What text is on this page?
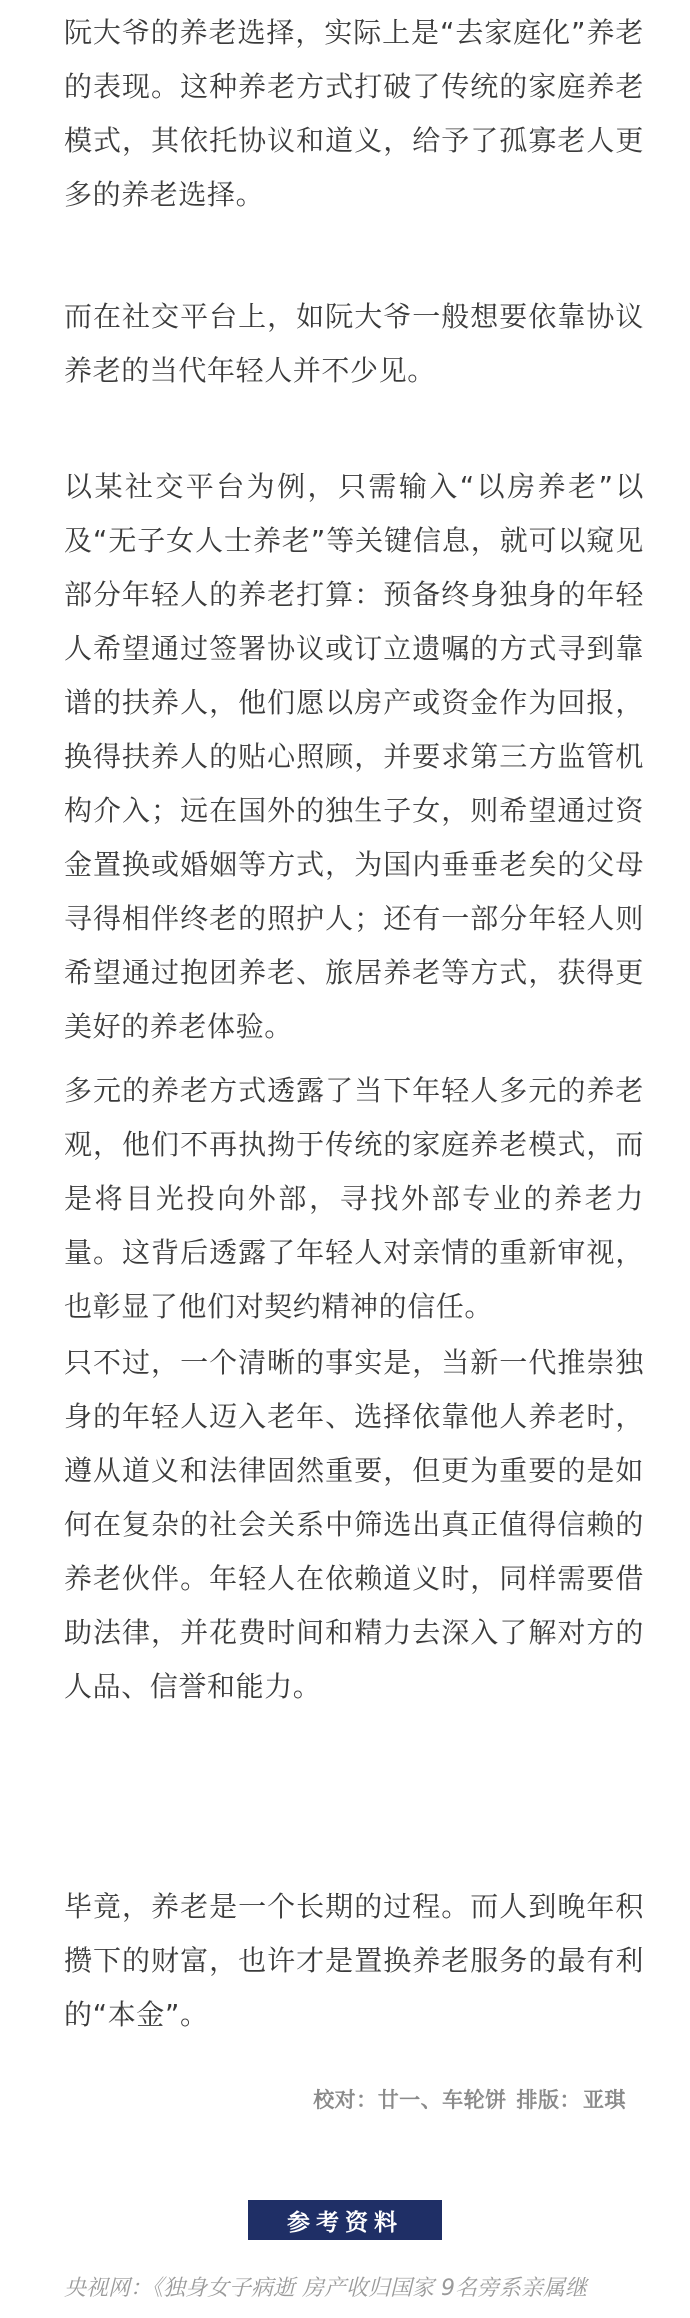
阮大爷的养老选择，实际上是“去家庭化”养老的表现。这种养老方式打破了传统的家庭养老模式，其依托协议和道义，给予了孤寡老人更多的养老选择。

而在社交平台上，如阮大爷一般想要依靠协议养老的当代年轻人并不少见。

以某社交平台为例，只需输入“以房养老”以及“无子女人士养老”等关键信息，就可以窥见部分年轻人的养老打算：预备终身独身的年轻人希望通过签署协议或订立遗嘱的方式寻到靠谱的扶养人，他们愿以房产或资金作为回报，换得扶养人的贴心照顾，并要求第三方监管机构介入；远在国外的独生子女，则希望通过资金置换或婚姻等方式，为国内垂垂老矣的父母寻得相伴终老的照护人；还有一部分年轻人则希望通过抱团养老、旅居养老等方式，获得更美好的养老体验。

多元的养老方式透露了当下年轻人多元的养老观，他们不再执拗于传统的家庭养老模式，而是将目光投向外部，寻找外部专业的养老力量。这背后透露了年轻人对亲情的重新审视，也彰显了他们对契约精神的信任。

只不过，一个清晰的事实是，当新一代推崇独身的年轻人迈入老年、选择依靠他人养老时，遵从道义和法律固然重要，但更为重要的是如何在复杂的社会关系中筛选出真正值得信赖的养老伙伴。年轻人在依赖道义时，同样需要借助法律，并花费时间和精力去深入了解对方的人品、信誉和能力。

毕竟，养老是一个长期的过程。而人到晚年积攒下的财富，也许才是置换养老服务的最有利的“本金”。

校对：廿一、车轮饼 排版：亚琪
参考资料
央视网：《独身女子病逝 房产收归国家 9名旁系亲属继
